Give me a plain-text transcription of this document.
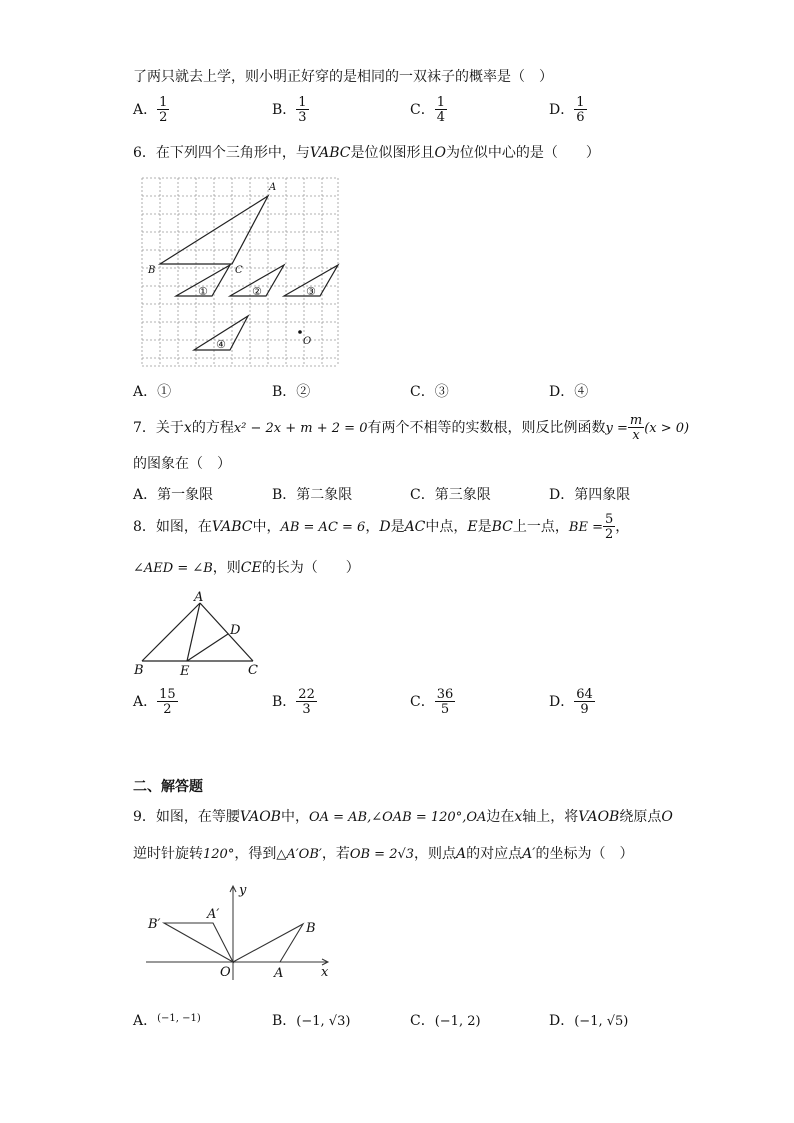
了两只就去上学，则小明正好穿的是相同的一双袜子的概率是（　）
A． $\frac{1}{2}$	B． $\frac{1}{3}$	C． $\frac{1}{4}$	D． $\frac{1}{6}$
6．在下列四个三角形中，与VABC是位似图形且O为位似中心的是（　　）
A
B	C
O
①	②	③
④
A．①	B．②	C．③	D．④
7．关于x的方程x² − 2x + m + 2 = 0有两个不相等的实数根，则反比例函数$y = \frac{m}{x} (x > 0)$
的图象在（　）
A．第一象限	B．第二象限	C．第三象限	D．第四象限
8．如图，在VABC中，AB = AC = 6，D是AC中点，E是BC上一点，BE = $\frac{5}{2}$ ，
∠AED = ∠B，则CE的长为（　　）
A
B	C
D
E
A． $\frac{15}{2}$	B． $\frac{22}{3}$	C． $\frac{36}{5}$	D． $\frac{64}{9}$
二、解答题
9．如图，在等腰VAOB中，OA = AB,∠OAB = 120°,OA边在x轴上，将VAOB绕原点O
逆时针旋转120°，得到△A′OB′，若OB = 2√3，则点A的对应点A′的坐标为（　）
y
x
O	A
B
A′
B′
A．$^{(-1, -1)}$	B．(−1, √3)	C．(−1, 2)	D．(−1, √5)
